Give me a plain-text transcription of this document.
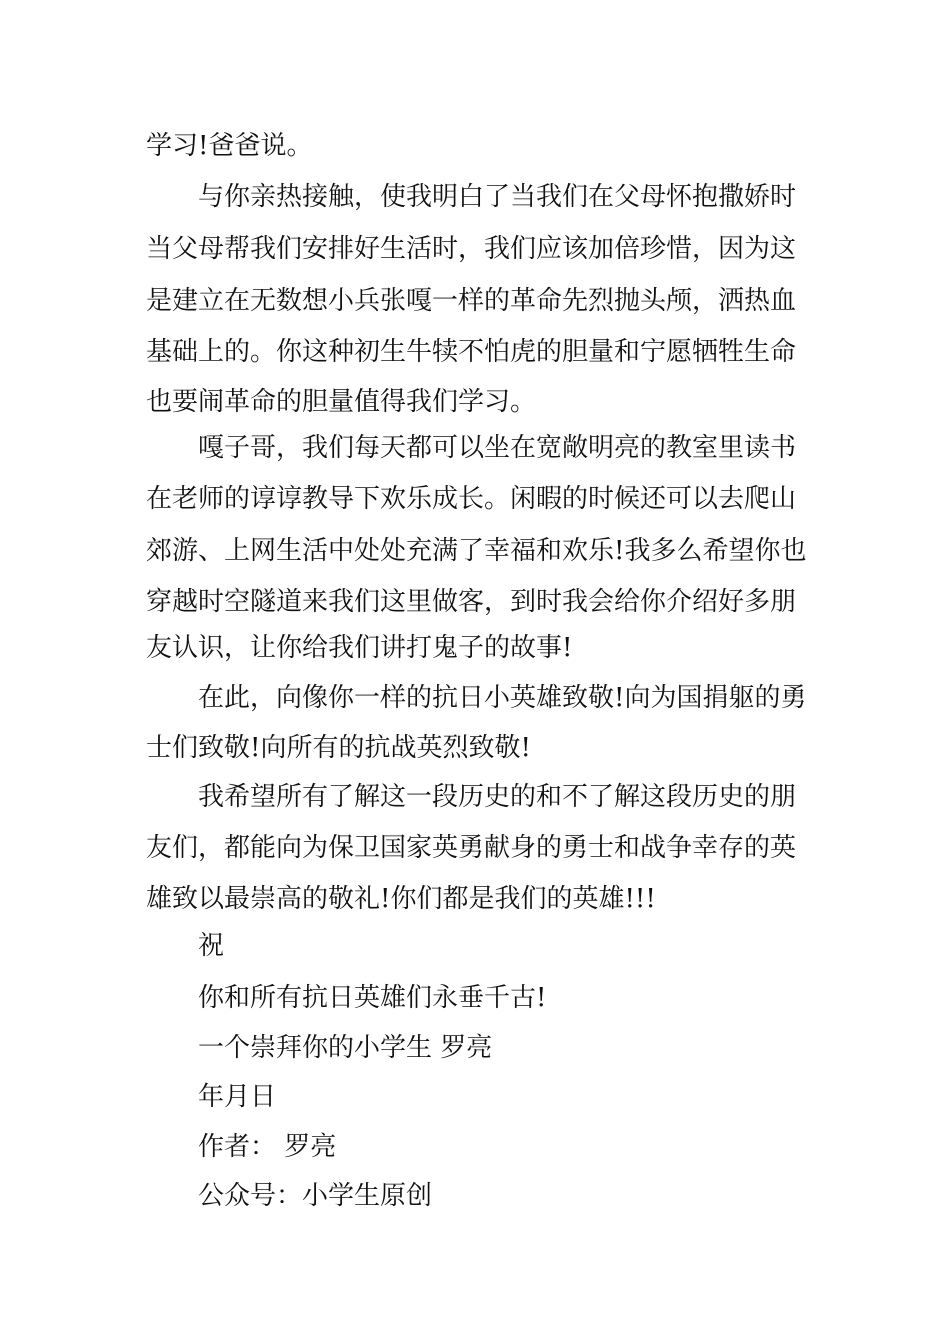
学习!爸爸说。
与你亲热接触，使我明白了当我们在父母怀抱撒娇时
当父母帮我们安排好生活时，我们应该加倍珍惜，因为这
是建立在无数想小兵张嘎一样的革命先烈抛头颅，洒热血
基础上的。你这种初生牛犊不怕虎的胆量和宁愿牺牲生命
也要闹革命的胆量值得我们学习。
嘎子哥，我们每天都可以坐在宽敞明亮的教室里读书
在老师的谆谆教导下欢乐成长。闲暇的时候还可以去爬山
郊游、上网生活中处处充满了幸福和欢乐!我多么希望你也
穿越时空隧道来我们这里做客，到时我会给你介绍好多朋
友认识，让你给我们讲打鬼子的故事!
在此，向像你一样的抗日小英雄致敬!向为国捐躯的勇
士们致敬!向所有的抗战英烈致敬!
我希望所有了解这一段历史的和不了解这段历史的朋
友们，都能向为保卫国家英勇献身的勇士和战争幸存的英
雄致以最崇高的敬礼!你们都是我们的英雄!!!
祝
你和所有抗日英雄们永垂千古!
一个崇拜你的小学生 罗亮
年月日
作者： 罗亮
公众号：小学生原创
